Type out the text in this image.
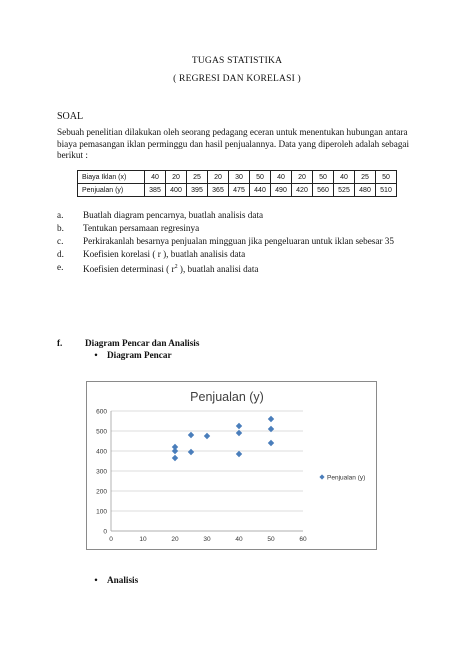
TUGAS STATISTIKA
( REGRESI DAN KORELASI )
SOAL
Sebuah penelitian dilakukan oleh seorang pedagang eceran untuk menentukan hubungan antara biaya pemasangan iklan perminggu dan hasil penjualannya. Data yang diperoleh adalah sebagai berikut :
Biaya Iklan (x)	40	20	25	20	30	50	40	20	50	40	25	50
Penjualan (y)	385	400	395	365	475	440	490	420	560	525	480	510
a.	Buatlah diagram pencarnya, buatlah analisis data
b.	Tentukan persamaan regresinya
c.	Perkirakanlah besarnya penjualan mingguan jika pengeluaran untuk iklan sebesar 35
d.	Koefisien korelasi ( r ), buatlah analisis data
e.	Koefisien determinasi ( $r^2$ ), buatlah analisi data
f. Diagram Pencar dan Analisis
• Diagram Pencar
Penjualan (y)
0
100
200
300
400
500
600
0	10	20	30	40	50	60
Penjualan (y)
• Analisis
